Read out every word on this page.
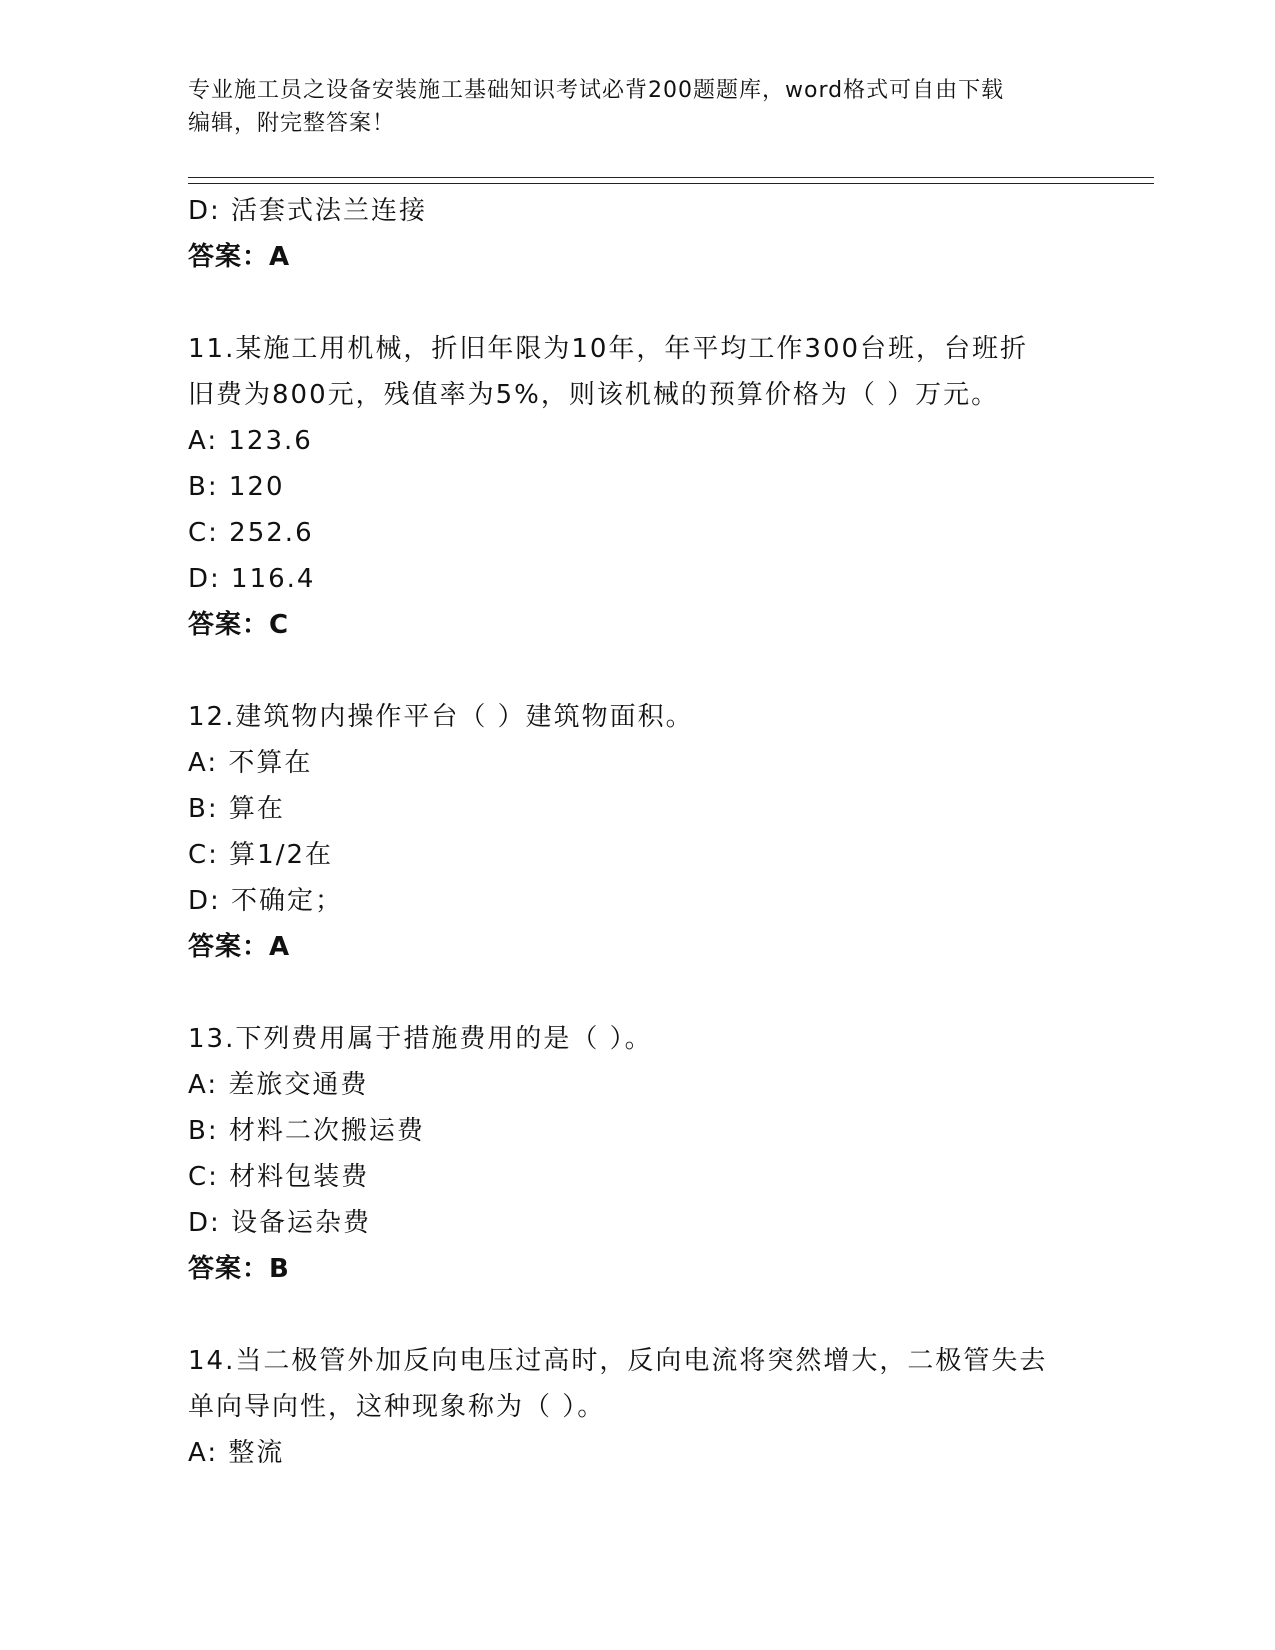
专业施工员之设备安装施工基础知识考试必背200题题库，word格式可自由下载

编辑，附完整答案！

D: 活套式法兰连接

答案：A

11.某施工用机械，折旧年限为10年，年平均工作300台班，台班折

旧费为800元，残值率为5%，则该机械的预算价格为（ ）万元。

A: 123.6

B: 120

C: 252.6

D: 116.4

答案：C

12.建筑物内操作平台（ ）建筑物面积。

A: 不算在

B: 算在

C: 算1/2在

D: 不确定；

答案：A

13.下列费用属于措施费用的是（ ）。

A: 差旅交通费

B: 材料二次搬运费

C: 材料包装费

D: 设备运杂费

答案：B

14.当二极管外加反向电压过高时，反向电流将突然增大，二极管失去

单向导向性，这种现象称为（ ）。

A: 整流
